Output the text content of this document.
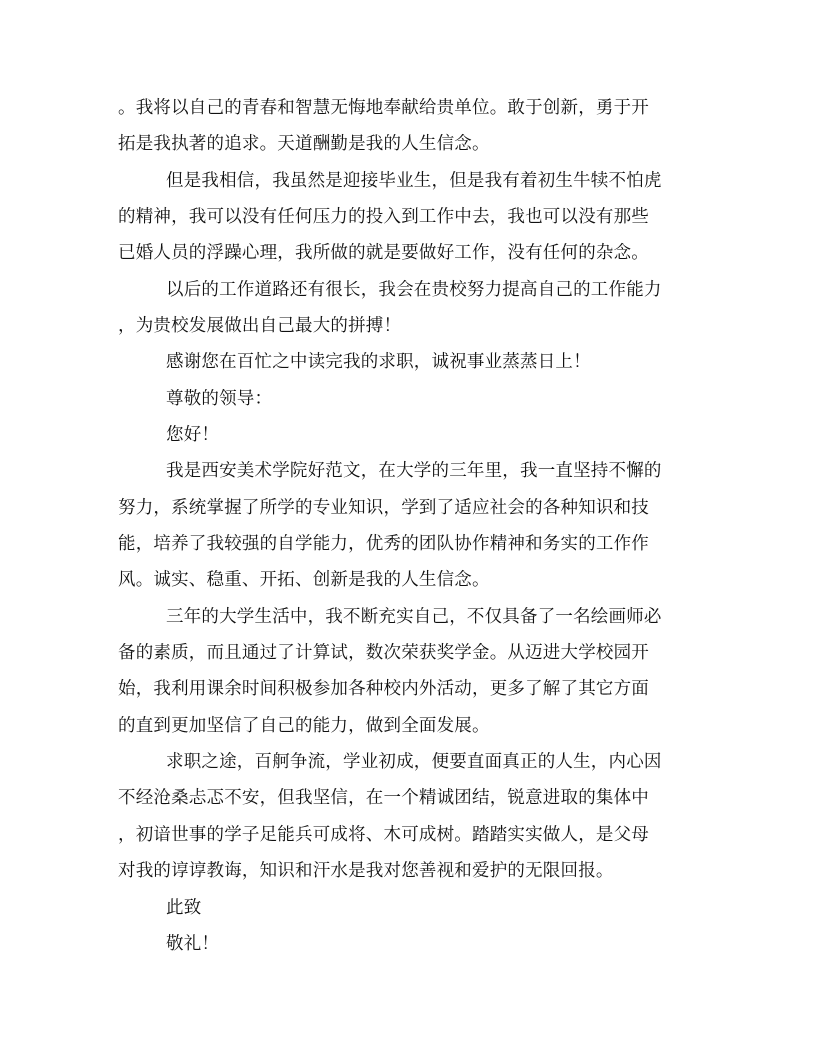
。我将以自己的青春和智慧无悔地奉献给贵单位。敢于创新，勇于开
拓是我执著的追求。天道酬勤是我的人生信念。
但是我相信，我虽然是迎接毕业生，但是我有着初生牛犊不怕虎
的精神，我可以没有任何压力的投入到工作中去，我也可以没有那些
已婚人员的浮躁心理，我所做的就是要做好工作，没有任何的杂念。
以后的工作道路还有很长，我会在贵校努力提高自己的工作能力
，为贵校发展做出自己最大的拼搏！
感谢您在百忙之中读完我的求职，诚祝事业蒸蒸日上！
尊敬的领导：
您好！
我是西安美术学院好范文，在大学的三年里，我一直坚持不懈的
努力，系统掌握了所学的专业知识，学到了适应社会的各种知识和技
能，培养了我较强的自学能力，优秀的团队协作精神和务实的工作作
风。诚实、稳重、开拓、创新是我的人生信念。
三年的大学生活中，我不断充实自己，不仅具备了一名绘画师必
备的素质，而且通过了计算试，数次荣获奖学金。从迈进大学校园开
始，我利用课余时间积极参加各种校内外活动，更多了解了其它方面
的直到更加坚信了自己的能力，做到全面发展。
求职之途，百舸争流，学业初成，便要直面真正的人生，内心因
不经沧桑忐忑不安，但我坚信，在一个精诚团结，锐意进取的集体中
，初谙世事的学子足能兵可成将、木可成树。踏踏实实做人，是父母
对我的谆谆教诲，知识和汗水是我对您善视和爱护的无限回报。
此致
敬礼！
